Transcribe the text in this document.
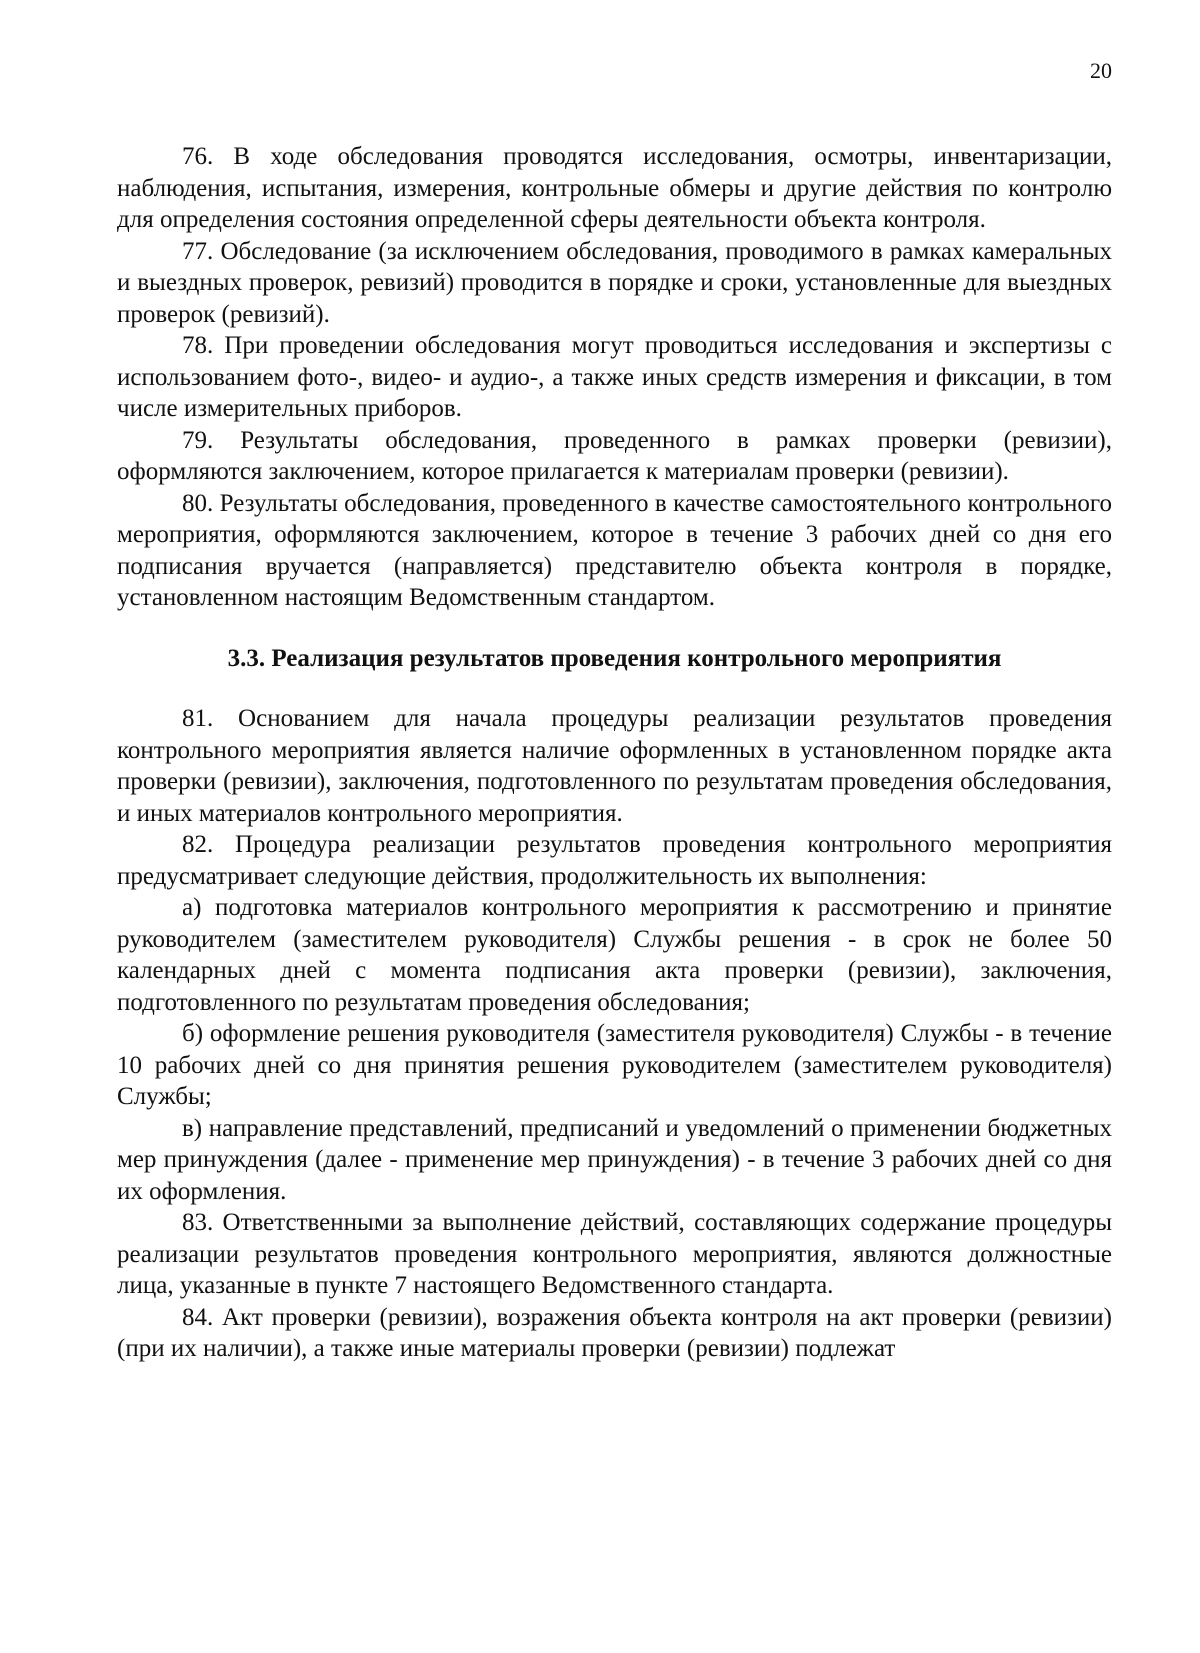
20

76. В ходе обследования проводятся исследования, осмотры, инвентаризации, наблюдения, испытания, измерения, контрольные обмеры и другие действия по контролю для определения состояния определенной сферы деятельности объекта контроля.

77. Обследование (за исключением обследования, проводимого в рамках камеральных и выездных проверок, ревизий) проводится в порядке и сроки, установленные для выездных проверок (ревизий).

78. При проведении обследования могут проводиться исследования и экспертизы с использованием фото-, видео- и аудио-, а также иных средств измерения и фиксации, в том числе измерительных приборов.

79. Результаты обследования, проведенного в рамках проверки (ревизии), оформляются заключением, которое прилагается к материалам проверки (ревизии).

80. Результаты обследования, проведенного в качестве самостоятельного контрольного мероприятия, оформляются заключением, которое в течение 3 рабочих дней со дня его подписания вручается (направляется) представителю объекта контроля в порядке, установленном настоящим Ведомственным стандартом.

3.3. Реализация результатов проведения контрольного мероприятия

81. Основанием для начала процедуры реализации результатов проведения контрольного мероприятия является наличие оформленных в установленном порядке акта проверки (ревизии), заключения, подготовленного по результатам проведения обследования, и иных материалов контрольного мероприятия.

82. Процедура реализации результатов проведения контрольного мероприятия предусматривает следующие действия, продолжительность их выполнения:

а) подготовка материалов контрольного мероприятия к рассмотрению и принятие руководителем (заместителем руководителя) Службы решения - в срок не более 50 календарных дней с момента подписания акта проверки (ревизии), заключения, подготовленного по результатам проведения обследования;

б) оформление решения руководителя (заместителя руководителя) Службы - в течение 10 рабочих дней со дня принятия решения руководителем (заместителем руководителя) Службы;

в) направление представлений, предписаний и уведомлений о применении бюджетных мер принуждения (далее - применение мер принуждения) - в течение 3 рабочих дней со дня их оформления.

83. Ответственными за выполнение действий, составляющих содержание процедуры реализации результатов проведения контрольного мероприятия, являются должностные лица, указанные в пункте 7 настоящего Ведомственного стандарта.

84. Акт проверки (ревизии), возражения объекта контроля на акт проверки (ревизии) (при их наличии), а также иные материалы проверки (ревизии) подлежат
